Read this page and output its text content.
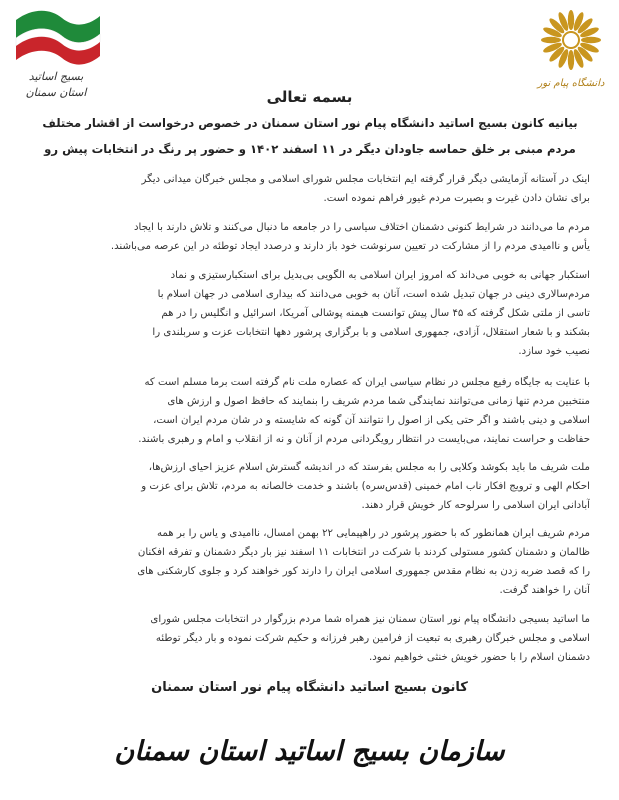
بسیج اساتید
استان سمنان
دانشگاه پیام نور
بسمه تعالی
بیانیه کانون بسیج اساتید دانشگاه پیام نور استان سمنان در خصوص درخواست از اقشار مختلف
مردم مبنی بر خلق حماسه جاودان دیگر در ۱۱ اسفند ۱۴۰۲ و حضور پر رنگ در انتخابات پیش رو
اینک در آستانه آزمایشی دیگر قرار گرفته ایم انتخابات مجلس شورای اسلامی و مجلس خبرگان میدانی دیگر
برای نشان دادن غیرت و بصیرت مردم غیور فراهم نموده است.
مردم ما می‌دانند در شرایط کنونی دشمنان اختلاف سیاسی را در جامعه ما دنبال می‌کنند و تلاش دارند با ایجاد
یأس و ناامیدی مردم را از مشارکت در تعیین سرنوشت خود باز دارند و درصدد ایجاد توطئه در این عرصه می‌باشند.
استکبار جهانی به خوبی می‌داند که امروز ایران اسلامی به الگویی بی‌بدیل برای استکبارستیزی و نماد
مردم‌سالاری دینی در جهان تبدیل شده است، آنان به خوبی می‌دانند که بیداری اسلامی در جهان اسلام با
تاسی از ملتی شکل گرفته که ۴۵ سال پیش توانست هیمنه پوشالی آمریکا، اسرائیل و انگلیس را در هم
بشکند و با شعار استقلال، آزادی، جمهوری اسلامی و با برگزاری پرشور دهها انتخابات عزت و سربلندی را
نصیب خود سازد.
با عنایت به جایگاه رفیع مجلس در نظام سیاسی ایران که عصاره ملت نام گرفته است برما مسلم است که
منتخبین مردم تنها زمانی می‌توانند نمایندگی شما مردم شریف را بنمایند که حافظ اصول و ارزش های
اسلامی و دینی باشند و اگر حتی یکی از اصول را نتوانند آن گونه که شایسته و در شان مردم ایران است،
حفاظت و حراست نمایند، می‌بایست در انتظار رویگردانی مردم از آنان و نه از انقلاب و امام و رهبری باشند.
ملت شریف ما باید بکوشد وکلایی را به مجلس بفرستد که در اندیشه گسترش اسلام عزیز احیای ارزش‌ها،
احکام الهی و ترویج افکار ناب امام خمینی (قدس‌سره) باشند و خدمت خالصانه به مردم، تلاش برای عزت و
آبادانی ایران اسلامی را سرلوحه کار خویش قرار دهند.
مردم شریف ایران همانطور که با حضور پرشور در راهپیمایی ۲۲ بهمن امسال، ناامیدی و یاس را بر همه
ظالمان و دشمنان کشور مستولی کردند با شرکت در انتخابات ۱۱ اسفند نیز بار دیگر دشمنان و تفرقه افکنان
را که قصد ضربه زدن به نظام مقدس جمهوری اسلامی ایران را دارند کور خواهند کرد و جلوی کارشکنی های
آنان را خواهند گرفت.
ما اساتید بسیجی دانشگاه پیام نور استان سمنان نیز همراه شما مردم بزرگوار در انتخابات مجلس شورای
اسلامی و مجلس خبرگان رهبری به تبعیت از فرامین رهبر فرزانه و حکیم شرکت نموده و بار دیگر توطئه
دشمنان اسلام را با حضور خویش خنثی خواهیم نمود.
کانون بسیج اساتید دانشگاه پیام نور استان سمنان
سازمان بسیج اساتید استان سمنان
